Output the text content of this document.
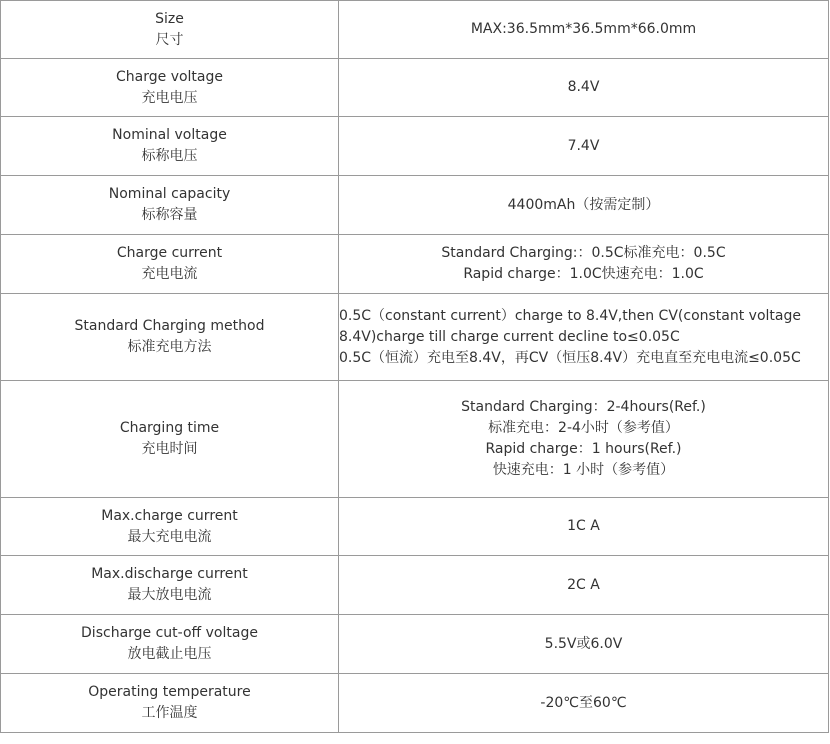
Size
尺寸	MAX:36.5mm*36.5mm*66.0mm

Charge voltage
充电电压	8.4V

Nominal voltage
标称电压	7.4V

Nominal capacity
标称容量	4400mAh（按需定制）

Charge current
充电电流	Standard Charging:：0.5C标准充电：0.5C
Rapid charge：1.0C快速充电：1.0C

Standard Charging method
标准充电方法	0.5C（constant current）charge to 8.4V,then CV(constant voltage
8.4V)charge till charge current decline to≤0.05C
0.5C（恒流）充电至8.4V，再CV（恒压8.4V）充电直至充电电流≤0.05C

Charging time
充电时间	Standard Charging：2-4hours(Ref.)
标准充电：2-4小时（参考值）
Rapid charge：1 hours(Ref.)
快速充电：1 小时（参考值）

Max.charge current
最大充电电流	1C A

Max.discharge current
最大放电电流	2C A

Discharge cut-off voltage
放电截止电压	5.5V或6.0V

Operating temperature
工作温度	-20℃至60℃
